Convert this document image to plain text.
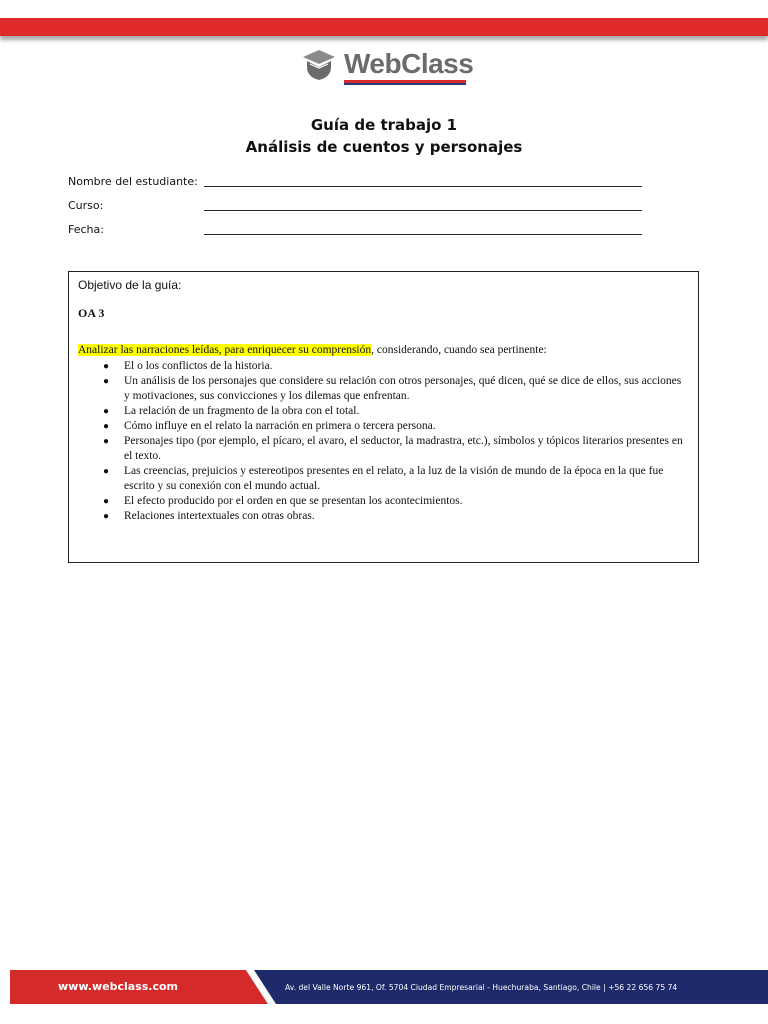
WebClass
Guía de trabajo 1
Análisis de cuentos y personajes
Nombre del estudiante:
Curso:
Fecha:
Objetivo de la guía:
OA 3
Analizar las narraciones leídas, para enriquecer su comprensión, considerando, cuando sea pertinente:
● El o los conflictos de la historia.
● Un análisis de los personajes que considere su relación con otros personajes, qué dicen, qué se dice de ellos, sus acciones y motivaciones, sus convicciones y los dilemas que enfrentan.
● La relación de un fragmento de la obra con el total.
● Cómo influye en el relato la narración en primera o tercera persona.
● Personajes tipo (por ejemplo, el pícaro, el avaro, el seductor, la madrastra, etc.), símbolos y tópicos literarios presentes en el texto.
● Las creencias, prejuicios y estereotipos presentes en el relato, a la luz de la visión de mundo de la época en la que fue escrito y su conexión con el mundo actual.
● El efecto producido por el orden en que se presentan los acontecimientos.
● Relaciones intertextuales con otras obras.
www.webclass.com	Av. del Valle Norte 961, Of. 5704 Ciudad Empresarial - Huechuraba, Santiago, Chile | +56 22 656 75 74
